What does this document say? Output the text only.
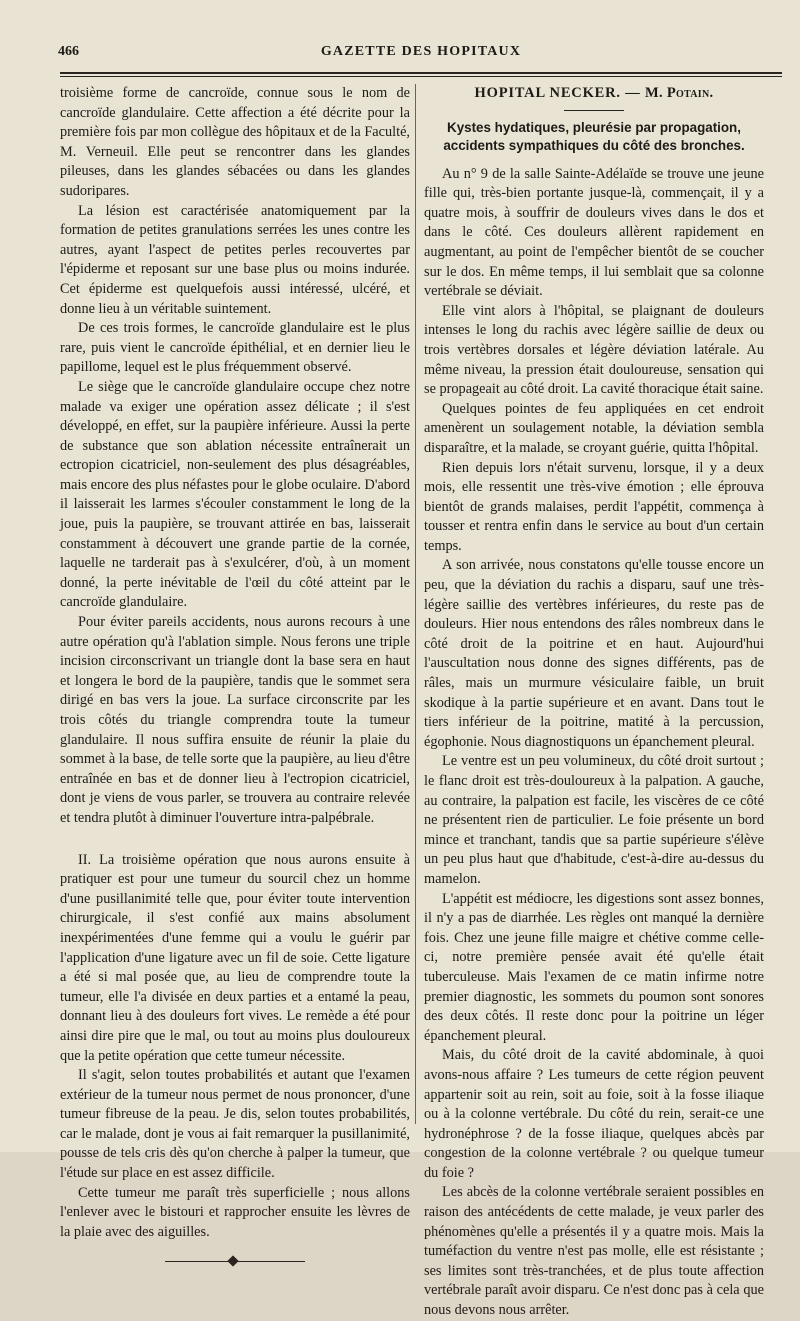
466	GAZETTE DES HOPITAUX

troisième forme de cancroïde, connue sous le nom de cancroïde glandulaire. Cette affection a été décrite pour la première fois par mon collègue des hôpitaux et de la Faculté, M. Verneuil. Elle peut se rencontrer dans les glandes pileuses, dans les glandes sébacées ou dans les glandes sudoripares.

La lésion est caractérisée anatomiquement par la formation de petites granulations serrées les unes contre les autres, ayant l'aspect de petites perles recouvertes par l'épiderme et reposant sur une base plus ou moins indurée. Cet épiderme est quelquefois aussi intéressé, ulcéré, et donne lieu à un véritable suintement.

De ces trois formes, le cancroïde glandulaire est le plus rare, puis vient le cancroïde épithélial, et en dernier lieu le papillome, lequel est le plus fréquemment observé.

Le siège que le cancroïde glandulaire occupe chez notre malade va exiger une opération assez délicate ; il s'est développé, en effet, sur la paupière inférieure. Aussi la perte de substance que son ablation nécessite entraînerait un ectropion cicatriciel, non-seulement des plus désagréables, mais encore des plus néfastes pour le globe oculaire. D'abord il laisserait les larmes s'écouler constamment le long de la joue, puis la paupière, se trouvant attirée en bas, laisserait constamment à découvert une grande partie de la cornée, laquelle ne tarderait pas à s'exulcérer, d'où, à un moment donné, la perte inévitable de l'œil du côté atteint par le cancroïde glandulaire.

Pour éviter pareils accidents, nous aurons recours à une autre opération qu'à l'ablation simple. Nous ferons une triple incision circonscrivant un triangle dont la base sera en haut et longera le bord de la paupière, tandis que le sommet sera dirigé en bas vers la joue. La surface circonscrite par les trois côtés du triangle comprendra toute la tumeur glandulaire. Il nous suffira ensuite de réunir la plaie du sommet à la base, de telle sorte que la paupière, au lieu d'être entraînée en bas et de donner lieu à l'ectropion cicatriciel, dont je viens de vous parler, se trouvera au contraire relevée et tendra plutôt à diminuer l'ouverture intra-palpébrale.

II. La troisième opération que nous aurons ensuite à pratiquer est pour une tumeur du sourcil chez un homme d'une pusillanimité telle que, pour éviter toute intervention chirurgicale, il s'est confié aux mains absolument inexpérimentées d'une femme qui a voulu le guérir par l'application d'une ligature avec un fil de soie. Cette ligature a été si mal posée que, au lieu de comprendre toute la tumeur, elle l'a divisée en deux parties et a entamé la peau, donnant lieu à des douleurs fort vives. Le remède a été pour ainsi dire pire que le mal, ou tout au moins plus douloureux que la petite opération que cette tumeur nécessite.

Il s'agit, selon toutes probabilités et autant que l'examen extérieur de la tumeur nous permet de nous prononcer, d'une tumeur fibreuse de la peau. Je dis, selon toutes probabilités, car le malade, dont je vous ai fait remarquer la pusillanimité, pousse de tels cris dès qu'on cherche à palper la tumeur, que l'étude sur place en est assez difficile.

Cette tumeur me paraît très superficielle ; nous allons l'enlever avec le bistouri et rapprocher ensuite les lèvres de la plaie avec des aiguilles.

HOPITAL NECKER. — M. Potain.
Kystes hydatiques, pleurésie par propagation, accidents sympathiques du côté des bronches.

Au n° 9 de la salle Sainte-Adélaïde se trouve une jeune fille qui, très-bien portante jusque-là, commençait, il y a quatre mois, à souffrir de douleurs vives dans le dos et dans le côté. Ces douleurs allèrent rapidement en augmentant, au point de l'empêcher bientôt de se coucher sur le dos. En même temps, il lui semblait que sa colonne vertébrale se déviait.

Elle vint alors à l'hôpital, se plaignant de douleurs intenses le long du rachis avec légère saillie de deux ou trois vertèbres dorsales et légère déviation latérale. Au même niveau, la pression était douloureuse, sensation qui se propageait au côté droit. La cavité thoracique était saine.

Quelques pointes de feu appliquées en cet endroit amenèrent un soulagement notable, la déviation sembla disparaître, et la malade, se croyant guérie, quitta l'hôpital.

Rien depuis lors n'était survenu, lorsque, il y a deux mois, elle ressentit une très-vive émotion ; elle éprouva bientôt de grands malaises, perdit l'appétit, commença à tousser et rentra enfin dans le service au bout d'un certain temps.

A son arrivée, nous constatons qu'elle tousse encore un peu, que la déviation du rachis a disparu, sauf une très-légère saillie des vertèbres inférieures, du reste pas de douleurs. Hier nous entendons des râles nombreux dans le côté droit de la poitrine et en haut. Aujourd'hui l'auscultation nous donne des signes différents, pas de râles, mais un murmure vésiculaire faible, un bruit skodique à la partie supérieure et en avant. Dans tout le tiers inférieur de la poitrine, matité à la percussion, égophonie. Nous diagnostiquons un épanchement pleural.

Le ventre est un peu volumineux, du côté droit surtout ; le flanc droit est très-douloureux à la palpation. A gauche, au contraire, la palpation est facile, les viscères de ce côté ne présentent rien de particulier. Le foie présente un bord mince et tranchant, tandis que sa partie supérieure s'élève un peu plus haut que d'habitude, c'est-à-dire au-dessus du mamelon.

L'appétit est médiocre, les digestions sont assez bonnes, il n'y a pas de diarrhée. Les règles ont manqué la dernière fois. Chez une jeune fille maigre et chétive comme celle-ci, notre première pensée avait été qu'elle était tuberculeuse. Mais l'examen de ce matin infirme notre premier diagnostic, les sommets du poumon sont sonores des deux côtés. Il reste donc pour la poitrine un léger épanchement pleural.

Mais, du côté droit de la cavité abdominale, à quoi avons-nous affaire ? Les tumeurs de cette région peuvent appartenir soit au rein, soit au foie, soit à la fosse iliaque ou à la colonne vertébrale. Du côté du rein, serait-ce une hydronéphrose ? de la fosse iliaque, quelques abcès par congestion de la colonne vertébrale ? ou quelque tumeur du foie ?

Les abcès de la colonne vertébrale seraient possibles en raison des antécédents de cette malade, je veux parler des phénomènes qu'elle a présentés il y a quatre mois. Mais la tuméfaction du ventre n'est pas molle, elle est résistante ; ses limites sont très-tranchées, et de plus toute affection vertébrale paraît avoir disparu. Ce n'est donc pas à cela que nous devons nous arrêter.
